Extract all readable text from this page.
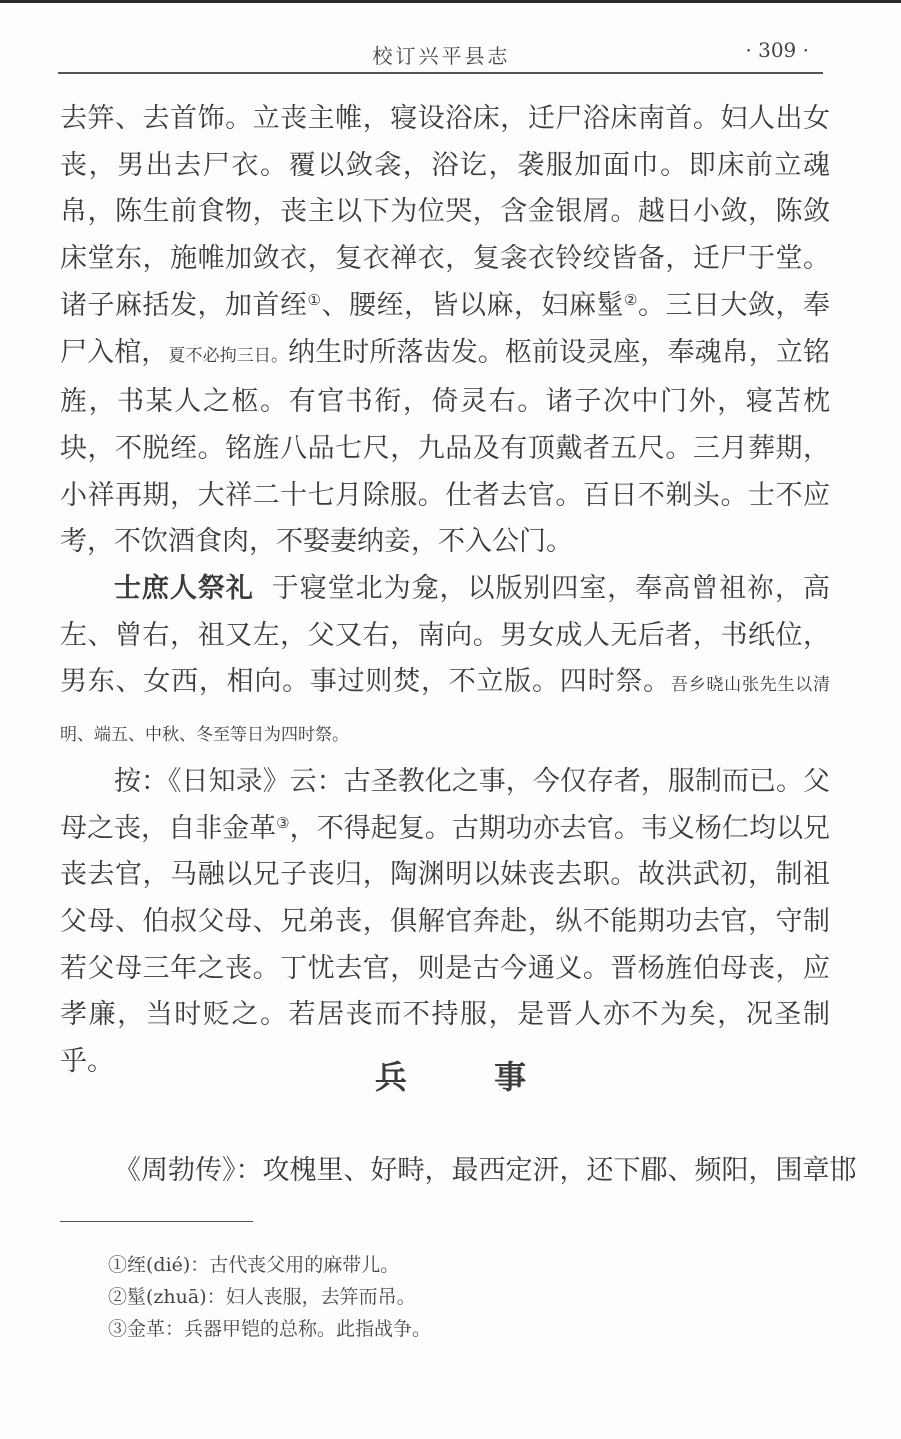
校订兴平县志	· 309 ·

去笄、去首饰。立丧主帷，寝设浴床，迁尸浴床南首。妇人出女丧，男出去尸衣。覆以敛衾，浴讫，袭服加面巾。即床前立魂帛，陈生前食物，丧主以下为位哭，含金银屑。越日小敛，陈敛床堂东，施帷加敛衣，复衣禅衣，复衾衣铃绞皆备，迁尸于堂。诸子麻括发，加首绖①、腰绖，皆以麻，妇麻髽②。三日大敛，奉尸入棺，夏不必拘三日。纳生时所落齿发。柩前设灵座，奉魂帛，立铭旌，书某人之柩。有官书衔，倚灵右。诸子次中门外，寝苫枕块，不脱绖。铭旌八品七尺，九品及有顶戴者五尺。三月葬期，小祥再期，大祥二十七月除服。仕者去官。百日不剃头。士不应考，不饮酒食肉，不娶妻纳妾，不入公门。

士庶人祭礼 于寝堂北为龛，以版别四室，奉高曾祖祢，高左、曾右，祖又左，父又右，南向。男女成人无后者，书纸位，男东、女西，相向。事过则焚，不立版。四时祭。吾乡晓山张先生以清明、端五、中秋、冬至等日为四时祭。

按：《日知录》云：古圣教化之事，今仅存者，服制而已。父母之丧，自非金革③，不得起复。古期功亦去官。韦义杨仁均以兄丧去官，马融以兄子丧归，陶渊明以妹丧去职。故洪武初，制祖父母、伯叔父母、兄弟丧，俱解官奔赴，纵不能期功去官，守制若父母三年之丧。丁忧去官，则是古今通义。晋杨旌伯母丧，应孝廉，当时贬之。若居丧而不持服，是晋人亦不为矣，况圣制乎。	兵 事
《周勃传》：攻槐里、好畤，最西定汧，还下郿、频阳，围章邯
①绖(dié)：古代丧父用的麻带儿。
②髽(zhuā)：妇人丧服，去笄而吊。
③金革：兵器甲铠的总称。此指战争。
